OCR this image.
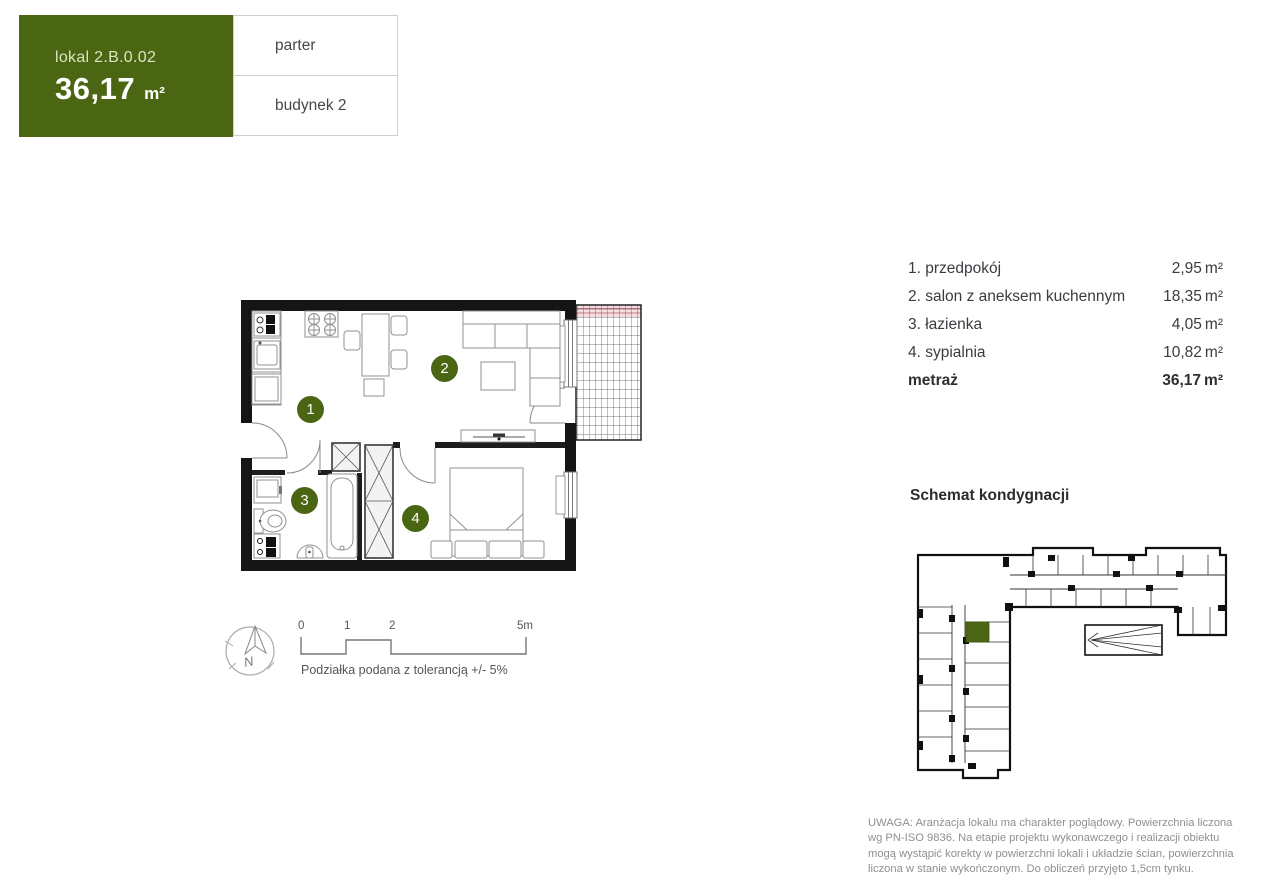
lokal 2.B.0.02
36,17 m²
parter
budynek 2
1
2
3
4
N
0	1	2	5m
Podziałka podana z tolerancją +/- 5%
1. przedpokój	2,95 m²
2. salon z aneksem kuchennym 18,35 m²
3. łazienka	4,05 m²
4. sypialnia	10,82 m²
metraż	36,17 m²
Schemat kondygnacji
UWAGA: Aranżacja lokalu ma charakter poglądowy. Powierzchnia liczona wg PN-ISO 9836. Na etapie projektu wykonawczego i realizacji obiektu mogą wystąpić korekty w powierzchni lokali i układzie ścian, powierzchnia liczona w stanie wykończonym. Do obliczeń przyjęto 1,5cm tynku.
